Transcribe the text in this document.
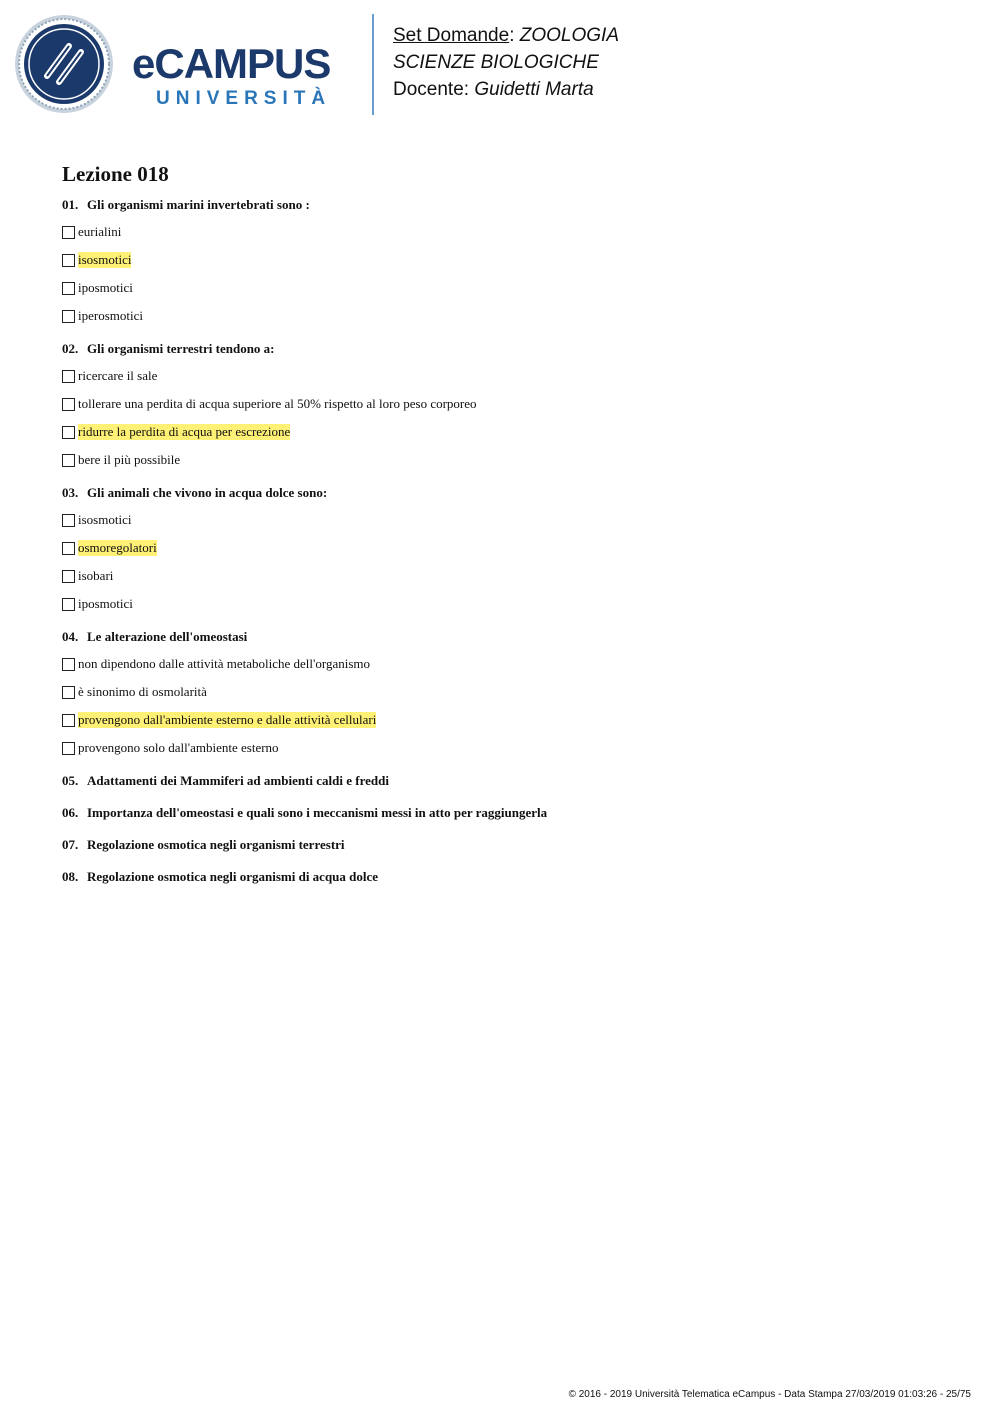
eCAMPUS
UNIVERSITÀ
Set Domande: ZOOLOGIA
SCIENZE BIOLOGICHE
Docente: Guidetti Marta
Lezione 018
01. Gli organismi marini invertebrati sono :
eurialini
isosmotici
iposmotici
iperosmotici
02. Gli organismi terrestri tendono a:
ricercare il sale
tollerare una perdita di acqua superiore al 50% rispetto al loro peso corporeo
ridurre la perdita di acqua per escrezione
bere il più possibile
03. Gli animali che vivono in acqua dolce sono:
isosmotici
osmoregolatori
isobari
iposmotici
04. Le alterazione dell'omeostasi
non dipendono dalle attività metaboliche dell'organismo
è sinonimo di osmolarità
provengono dall'ambiente esterno e dalle attività cellulari
provengono solo dall'ambiente esterno
05. Adattamenti dei Mammiferi ad ambienti caldi e freddi
06. Importanza dell'omeostasi e quali sono i meccanismi messi in atto per raggiungerla
07. Regolazione osmotica negli organismi terrestri
08. Regolazione osmotica negli organismi di acqua dolce
© 2016 - 2019 Università Telematica eCampus - Data Stampa 27/03/2019 01:03:26 - 25/75
